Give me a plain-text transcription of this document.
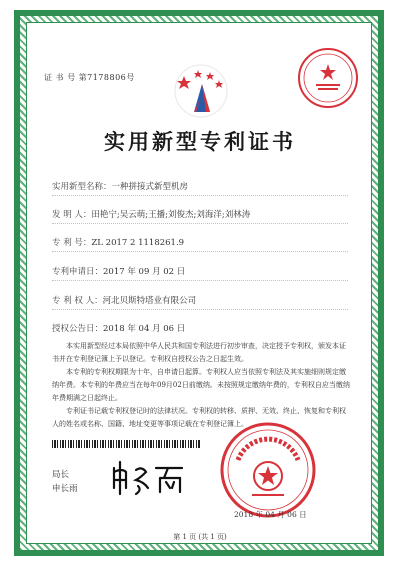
证 书 号 第7178806号
实用新型专利证书
实用新型名称：一种拼接式新型机房
发 明 人：田艳宁;吴云萌;王播;刘俊杰;刘海洋;刘林涛
专 利 号：ZL 2017 2 1118261.9
专利申请日：2017 年 09 月 02 日
专 利 权 人：河北贝斯特塔业有限公司
授权公告日：2018 年 04 月 06 日

本实用新型经过本局依照中华人民共和国专利法进行初步审查，决定授予专利权，颁发本证书并在专利登记簿上予以登记。专利权自授权公告之日起生效。

本专利的专利权期限为十年，自申请日起算。专利权人应当依照专利法及其实施细则规定缴纳年费。本专利的年费应当在每年09月02日前缴纳。未按照规定缴纳年费的，专利权自应当缴纳年费期满之日起终止。

专利证书记载专利权登记时的法律状况。专利权的转移、质押、无效、终止、恢复和专利权人的姓名或名称、国籍、地址变更等事项记载在专利登记簿上。

局长
申长雨
2018 年 04 月 06 日
第 1 页 (共 1 页)
